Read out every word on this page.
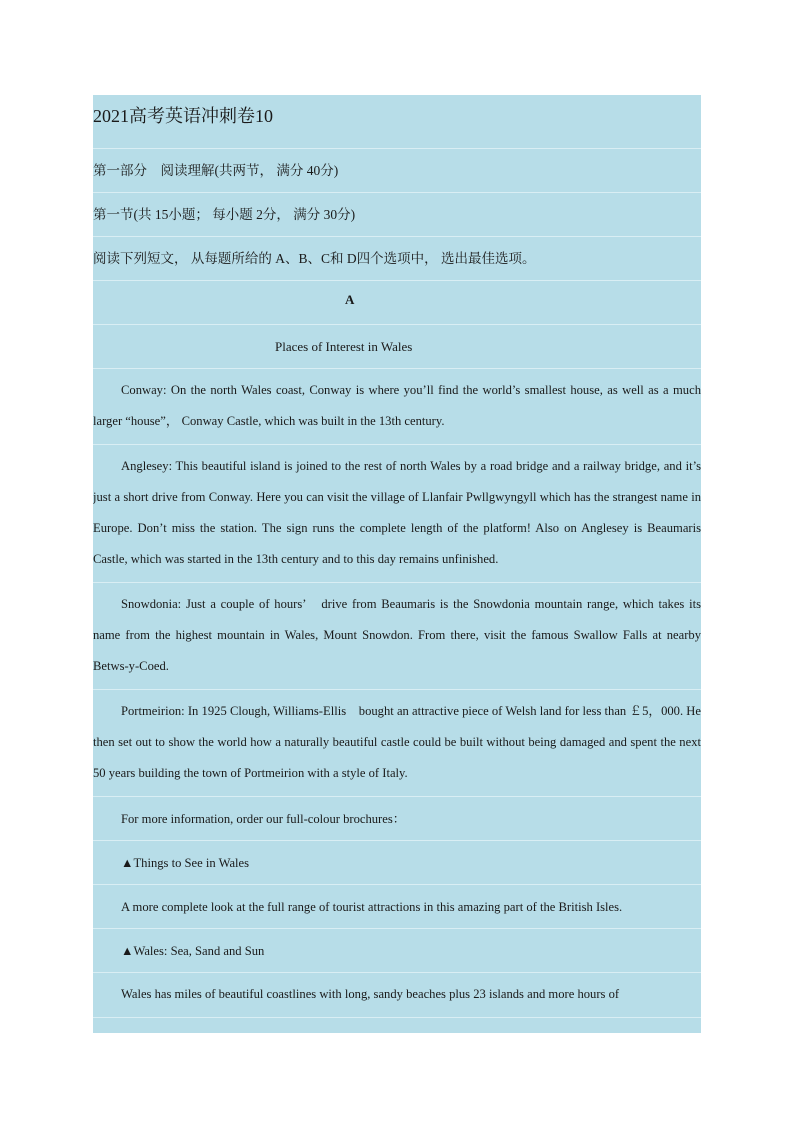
2021高考英语冲刺卷10
第一部分　阅读理解(共两节， 满分 40分)
第一节(共 15小题； 每小题 2分， 满分 30分)
阅读下列短文， 从每题所给的 A、B、C和 D四个选项中， 选出最佳选项。
A
Places of Interest in Wales
Conway: On the north Wales coast, Conway is where you’ll find the world’s smallest house, as well as a much larger “house”， Conway Castle, which was built in the 13th century.
Anglesey: This beautiful island is joined to the rest of north Wales by a road bridge and a railway bridge, and it’s just a short drive from Conway. Here you can visit the village of Llanfair Pwllgwyngyll which has the strangest name in Europe. Don’t miss the station. The sign runs the complete length of the platform! Also on Anglesey is Beaumaris Castle, which was started in the 13th century and to this day remains unfinished.
Snowdonia: Just a couple of hours’　drive from Beaumaris is the Snowdonia mountain range, which takes its name from the highest mountain in Wales, Mount Snowdon. From there, visit the famous Swallow Falls at nearby Betws-y-Coed.
Portmeirion: In 1925 Clough, Williams-Ellis　bought an attractive piece of Welsh land for less than ￡5，000. He then set out to show the world how a naturally beautiful castle could be built without being damaged and spent the next 50 years building the town of Portmeirion with a style of Italy.
For more information, order our full-colour brochures：
▲Things to See in Wales
A more complete look at the full range of tourist attractions in this amazing part of the British Isles.
▲Wales: Sea, Sand and Sun
Wales has miles of beautiful coastlines with long, sandy beaches plus 23 islands and more hours of
